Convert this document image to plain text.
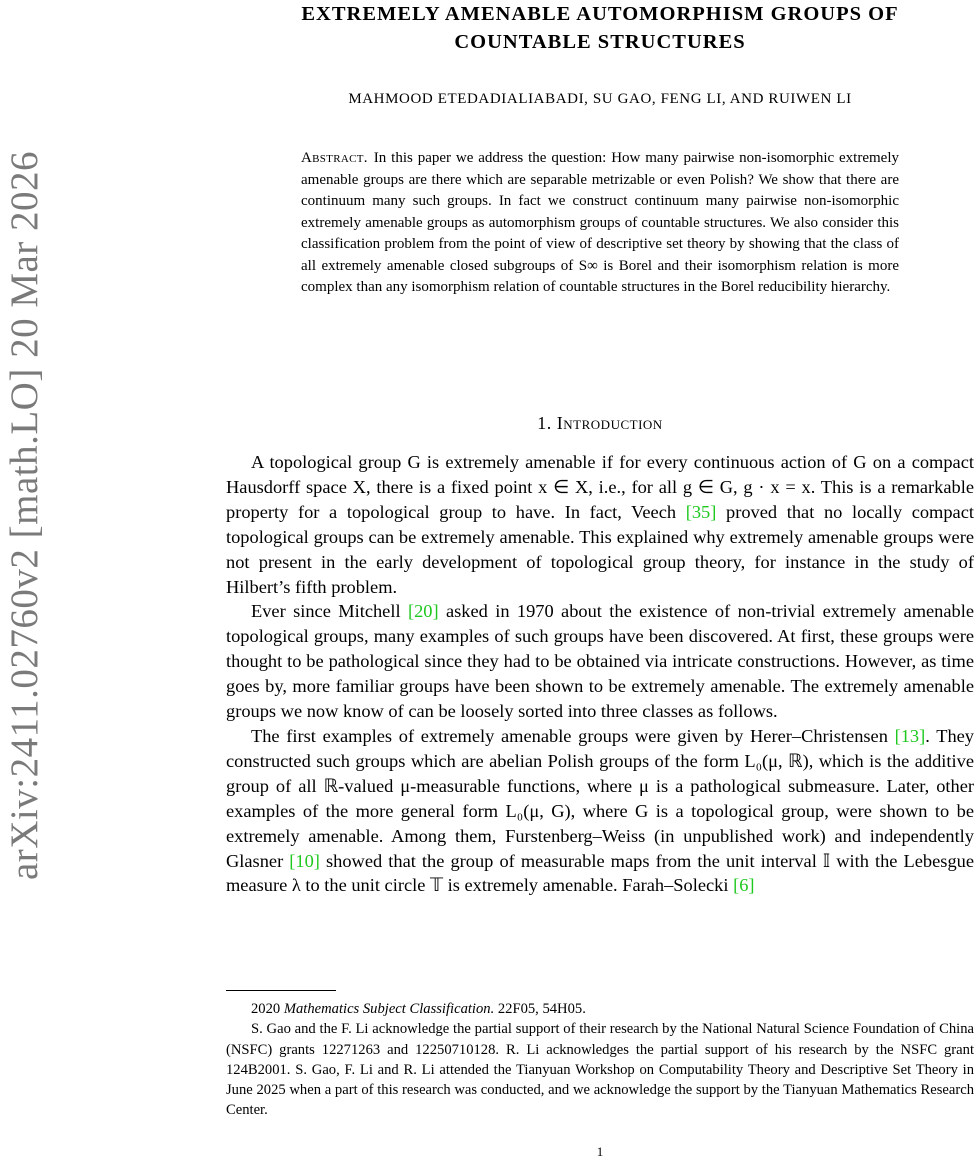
arXiv:2411.02760v2 [math.LO] 20 Mar 2026
EXTREMELY AMENABLE AUTOMORPHISM GROUPS OF
COUNTABLE STRUCTURES
MAHMOOD ETEDADIALIABADI, SU GAO, FENG LI, AND RUIWEN LI
Abstract. In this paper we address the question: How many pairwise non-isomorphic extremely amenable groups are there which are separable metrizable or even Polish? We show that there are continuum many such groups. In fact we construct continuum many pairwise non-isomorphic extremely amenable groups as automorphism groups of countable structures. We also consider this classification problem from the point of view of descriptive set theory by showing that the class of all extremely amenable closed subgroups of S∞ is Borel and their isomorphism relation is more complex than any isomorphism relation of countable structures in the Borel reducibility hierarchy.
1. Introduction

A topological group G is extremely amenable if for every continuous action of G on a compact Hausdorff space X, there is a fixed point x ∈ X, i.e., for all g ∈ G, g · x = x. This is a remarkable property for a topological group to have. In fact, Veech [35] proved that no locally compact topological groups can be extremely amenable. This explained why extremely amenable groups were not present in the early development of topological group theory, for instance in the study of Hilbert’s fifth problem.

Ever since Mitchell [20] asked in 1970 about the existence of non-trivial extremely amenable topological groups, many examples of such groups have been discovered. At first, these groups were thought to be pathological since they had to be obtained via intricate constructions. However, as time goes by, more familiar groups have been shown to be extremely amenable. The extremely amenable groups we now know of can be loosely sorted into three classes as follows.

The first examples of extremely amenable groups were given by Herer–Christensen [13]. They constructed such groups which are abelian Polish groups of the form L₀(μ, ℝ), which is the additive group of all ℝ-valued μ-measurable functions, where μ is a pathological submeasure. Later, other examples of the more general form L₀(μ, G), where G is a topological group, were shown to be extremely amenable. Among them, Furstenberg–Weiss (in unpublished work) and independently Glasner [10] showed that the group of measurable maps from the unit interval 𝕀 with the Lebesgue measure λ to the unit circle 𝕋 is extremely amenable. Farah–Solecki [6]

2020 Mathematics Subject Classification. 22F05, 54H05.

S. Gao and the F. Li acknowledge the partial support of their research by the National Natural Science Foundation of China (NSFC) grants 12271263 and 12250710128. R. Li acknowledges the partial support of his research by the NSFC grant 124B2001. S. Gao, F. Li and R. Li attended the Tianyuan Workshop on Computability Theory and Descriptive Set Theory in June 2025 when a part of this research was conducted, and we acknowledge the support by the Tianyuan Mathematics Research Center.

1
